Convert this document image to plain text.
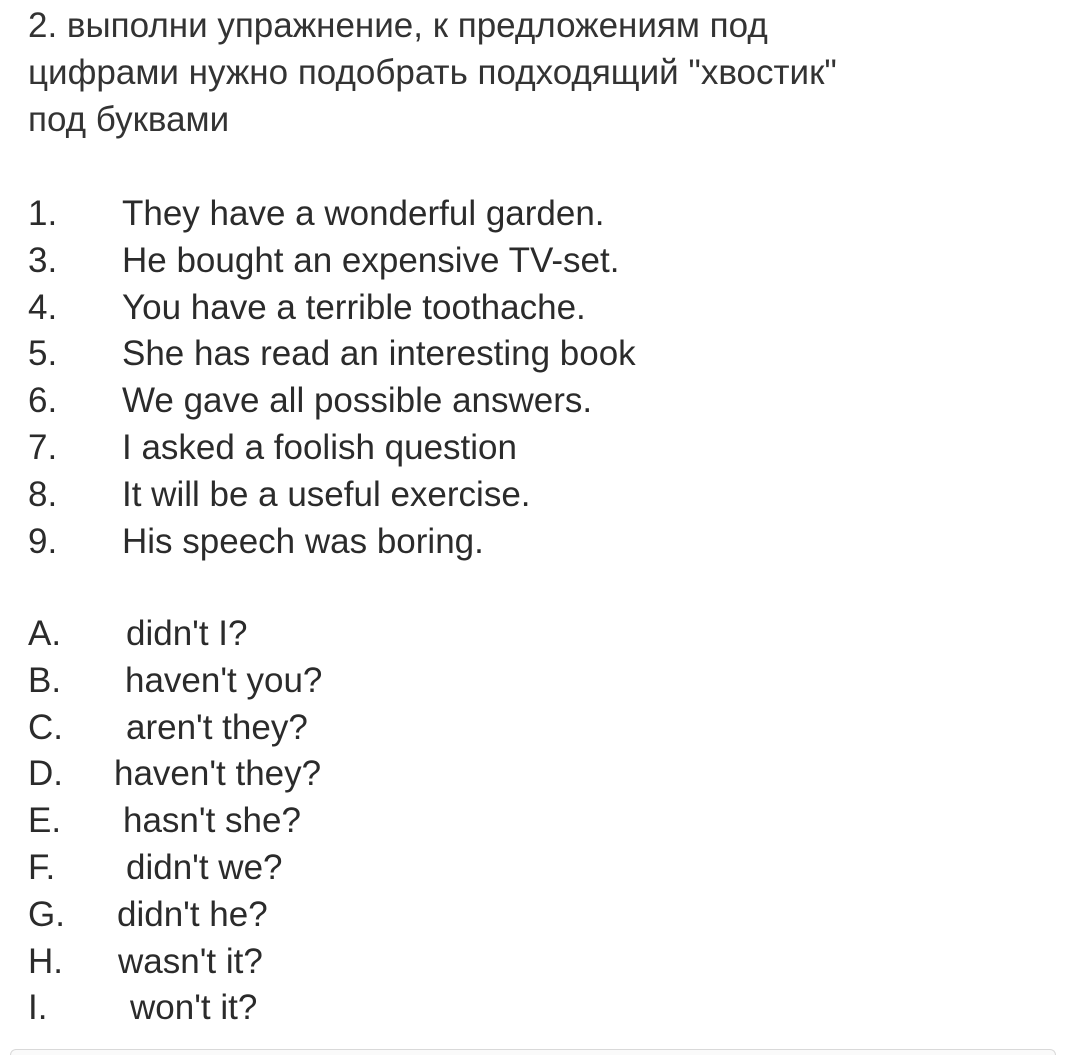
2. выполни упражнение, к предложениям под
цифрами нужно подобрать подходящий "хвостик"
под буквами
1. They have a wonderful garden.
3. He bought an expensive TV-set.
4. You have a terrible toothache.
5. She has read an interesting book
6. We gave all possible answers.
7. I asked a foolish question
8. It will be a useful exercise.
9. His speech was boring.
A. didn't I?
B. haven't you?
C. aren't they?
D. haven't they?
E. hasn't she?
F. didn't we?
G. didn't he?
H. wasn't it?
I. won't it?
